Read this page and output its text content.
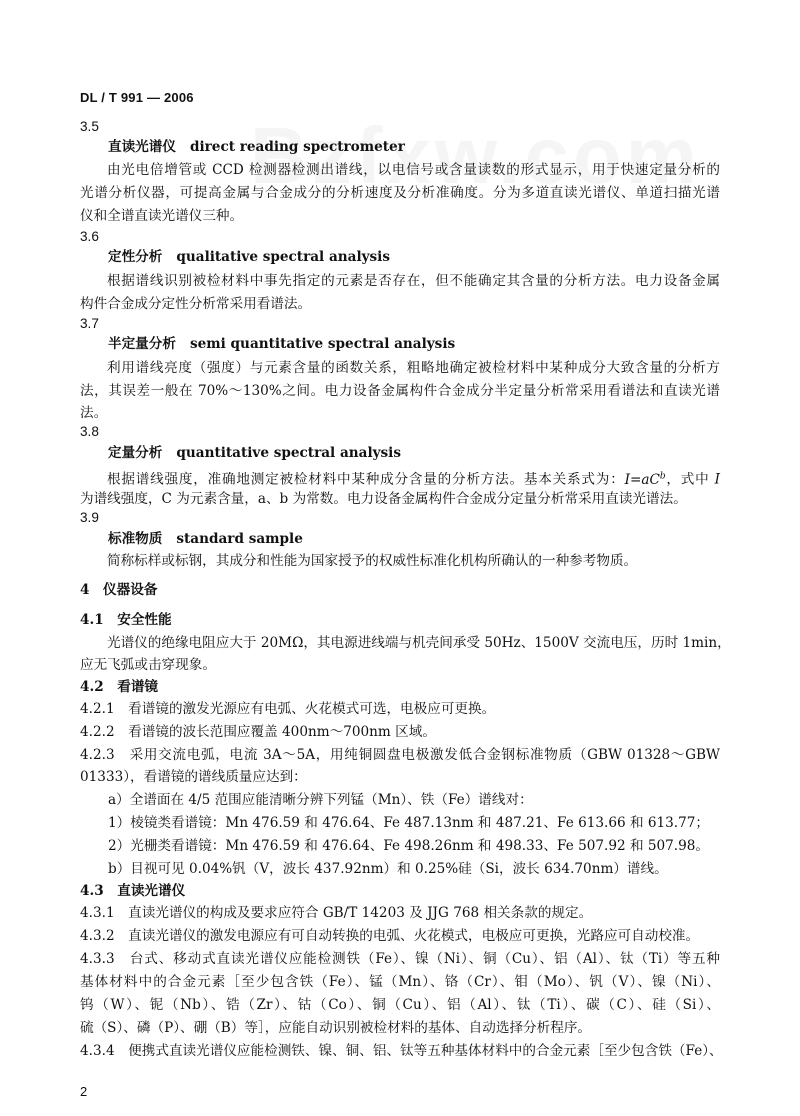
DL / T 991 — 2006
3.5
直读光谱仪 direct reading spectrometer
由光电倍增管或 CCD 检测器检测出谱线，以电信号或含量读数的形式显示，用于快速定量分析的
光谱分析仪器，可提高金属与合金成分的分析速度及分析准确度。分为多道直读光谱仪、单道扫描光谱
仪和全谱直读光谱仪三种。
3.6
定性分析 qualitative spectral analysis
根据谱线识别被检材料中事先指定的元素是否存在，但不能确定其含量的分析方法。电力设备金属
构件合金成分定性分析常采用看谱法。
3.7
半定量分析 semi quantitative spectral analysis
利用谱线亮度（强度）与元素含量的函数关系，粗略地确定被检材料中某种成分大致含量的分析方
法，其误差一般在 70%～130%之间。电力设备金属构件合金成分半定量分析常采用看谱法和直读光谱
法。
3.8
定量分析 quantitative spectral analysis
根据谱线强度，准确地测定被检材料中某种成分含量的分析方法。基本关系式为：$I=aC^b$，式中 I
为谱线强度，C 为元素含量，a、b 为常数。电力设备金属构件合金成分定量分析常采用直读光谱法。
3.9
标准物质 standard sample
简称标样或标钢，其成分和性能为国家授予的权威性标准化机构所确认的一种参考物质。
4　仪器设备
4.1　安全性能
光谱仪的绝缘电阻应大于 20MΩ，其电源进线端与机壳间承受 50Hz、1500V 交流电压，历时 1min，
应无飞弧或击穿现象。
4.2　看谱镜
4.2.1　看谱镜的激发光源应有电弧、火花模式可选，电极应可更换。
4.2.2　看谱镜的波长范围应覆盖 400nm～700nm 区域。
4.2.3　采用交流电弧，电流 3A～5A，用纯铜圆盘电极激发低合金钢标准物质（GBW 01328～GBW
01333），看谱镜的谱线质量应达到：
a）全谱面在 4/5 范围应能清晰分辨下列锰（Mn）、铁（Fe）谱线对：
1）棱镜类看谱镜：Mn 476.59 和 476.64、Fe 487.13nm 和 487.21、Fe 613.66 和 613.77；
2）光栅类看谱镜：Mn 476.59 和 476.64、Fe 498.26nm 和 498.33、Fe 507.92 和 507.98。
b）目视可见 0.04%钒（V，波长 437.92nm）和 0.25%硅（Si，波长 634.70nm）谱线。
4.3　直读光谱仪
4.3.1　直读光谱仪的构成及要求应符合 GB/T 14203 及 JJG 768 相关条款的规定。
4.3.2　直读光谱仪的激发电源应有可自动转换的电弧、火花模式，电极应可更换，光路应可自动校准。
4.3.3　台式、移动式直读光谱仪应能检测铁（Fe）、镍（Ni）、铜（Cu）、铝（Al）、钛（Ti）等五种
基体材料中的合金元素［至少包含铁（Fe）、锰（Mn）、铬（Cr）、钼（Mo）、钒（V）、镍（Ni）、
钨（W）、铌（Nb）、锆（Zr）、钴（Co）、铜（Cu）、铝（Al）、钛（Ti）、碳（C）、硅（Si）、
硫（S）、磷（P）、硼（B）等］，应能自动识别被检材料的基体、自动选择分析程序。
4.3.4　便携式直读光谱仪应能检测铁、镍、铜、铝、钛等五种基体材料中的合金元素［至少包含铁（Fe）、
2
